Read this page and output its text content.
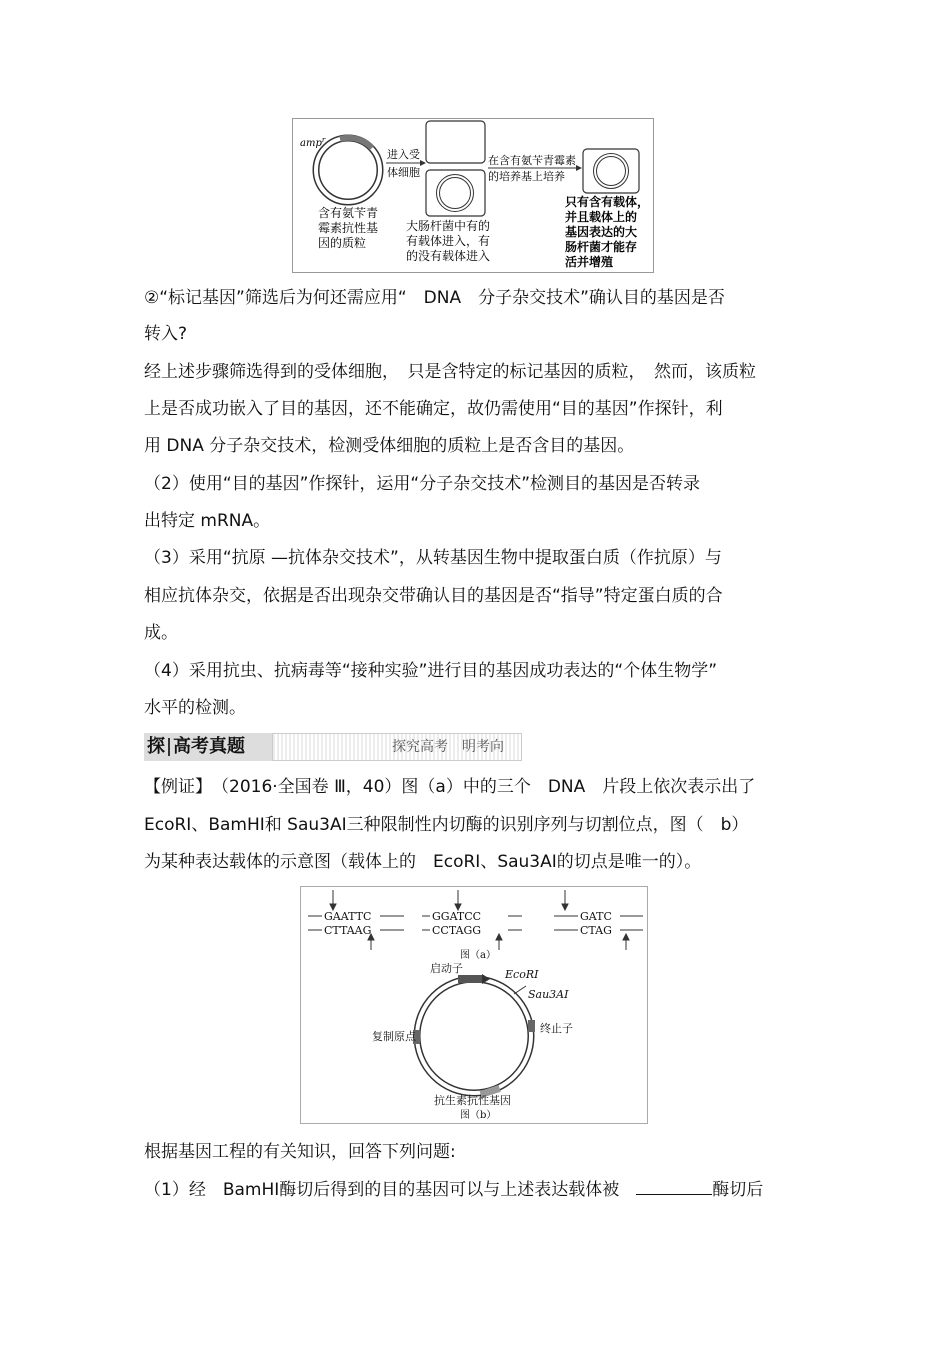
amp$^r$
含有氨苄青 霉素抗性基 因的质粒
进入受 体细胞
大肠杆菌中有的 有载体进入，有 的没有载体进入
在含有氨苄青霉素 的培养基上培养
只有含有载体， 并且载体上的 基因表达的大 肠杆菌才能存 活并增殖
②“标记基因”筛选后为何还需应用“　DNA　分子杂交技术”确认目的基因是否
转入?
经上述步骤筛选得到的受体细胞，　只是含特定的标记基因的质粒，　然而，该质粒
上是否成功嵌入了目的基因，还不能确定，故仍需使用“目的基因”作探针，利
用 DNA 分子杂交技术，检测受体细胞的质粒上是否含目的基因。
（2）使用“目的基因”作探针，运用“分子杂交技术”检测目的基因是否转录
出特定 mRNA。
（3）采用“抗原 —抗体杂交技术”，从转基因生物中提取蛋白质（作抗原）与
相应抗体杂交，依据是否出现杂交带确认目的基因是否“指导”特定蛋白质的合
成。
（4）采用抗虫、抗病毒等“接种实验”进行目的基因成功表达的“个体生物学”
水平的检测。
探 高考真题	探究高考　明考向
【例证】　（2016·全国卷 Ⅲ，40）图（a）中的三个　DNA　片段上依次表示出了
EcoRⅠ、BamHⅠ和 Sau3AⅠ三种限制性内切酶的识别序列与切割位点，图（　b）
为某种表达载体的示意图（载体上的　EcoRⅠ、Sau3AⅠ的切点是唯一的）。
GAATTC
CTTAAG
GGATCC
CCTAGG
GATC
CTAG
图（a）
启动子	EcoRⅠ
Sau3AⅠ
复制原点
终止子
抗生素抗性基因
图（b）
根据基因工程的有关知识，回答下列问题:
（1）经　BamHⅠ酶切后得到的目的基因可以与上述表达载体被　	酶切后
